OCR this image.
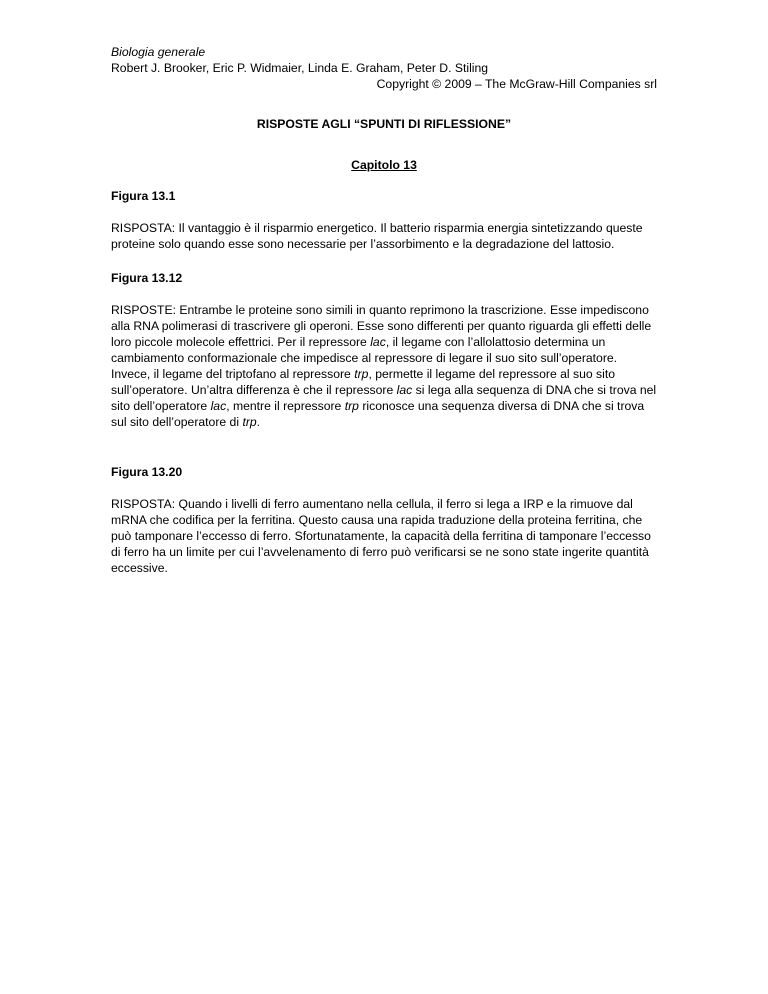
Biologia generale
Robert J. Brooker, Eric P. Widmaier, Linda E. Graham, Peter D. Stiling
Copyright © 2009 – The McGraw-Hill Companies srl
RISPOSTE AGLI “SPUNTI DI RIFLESSIONE”
Capitolo 13
Figura 13.1
RISPOSTA: Il vantaggio è il risparmio energetico. Il batterio risparmia energia sintetizzando queste proteine solo quando esse sono necessarie per l’assorbimento e la degradazione del lattosio.
Figura 13.12
RISPOSTE: Entrambe le proteine sono simili in quanto reprimono la trascrizione. Esse impediscono alla RNA polimerasi di trascrivere gli operoni. Esse sono differenti per quanto riguarda gli effetti delle loro piccole molecole effettrici. Per il repressore lac, il legame con l’allolattosio determina un cambiamento conformazionale che impedisce al repressore di legare il suo sito sull’operatore. Invece, il legame del triptofano al repressore trp, permette il legame del repressore al suo sito sull’operatore. Un’altra differenza è che il repressore lac si lega alla sequenza di DNA che si trova nel sito dell’operatore lac, mentre il repressore trp riconosce una sequenza diversa di DNA che si trova sul sito dell’operatore di trp.
Figura 13.20
RISPOSTA: Quando i livelli di ferro aumentano nella cellula, il ferro si lega a IRP e la rimuove dal mRNA che codifica per la ferritina. Questo causa una rapida traduzione della proteina ferritina, che può tamponare l’eccesso di ferro. Sfortunatamente, la capacità della ferritina di tamponare l’eccesso di ferro ha un limite per cui l’avvelenamento di ferro può verificarsi se ne sono state ingerite quantità eccessive.
